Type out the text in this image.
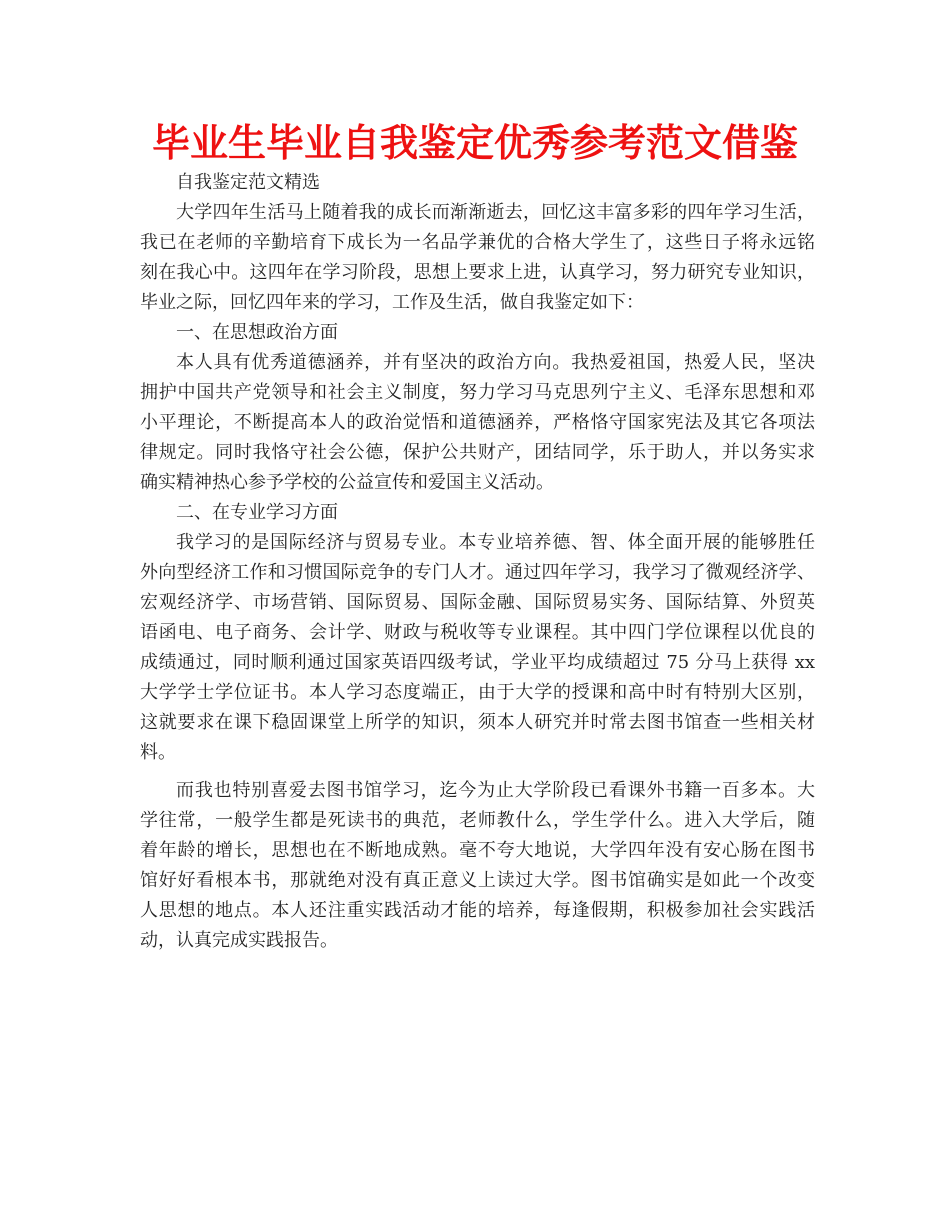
毕业生毕业自我鉴定优秀参考范文借鉴
自我鉴定范文精选
大学四年生活马上随着我的成长而渐渐逝去，回忆这丰富多彩的四年学习生活，
我已在老师的辛勤培育下成长为一名品学兼优的合格大学生了，这些日子将永远铭
刻在我心中。这四年在学习阶段，思想上要求上进，认真学习，努力研究专业知识，
毕业之际，回忆四年来的学习，工作及生活，做自我鉴定如下：
一、在思想政治方面
本人具有优秀道德涵养，并有坚决的政治方向。我热爱祖国，热爱人民，坚决
拥护中国共产党领导和社会主义制度，努力学习马克思列宁主义、毛泽东思想和邓
小平理论，不断提高本人的政治觉悟和道德涵养，严格恪守国家宪法及其它各项法
律规定。同时我恪守社会公德，保护公共财产，团结同学，乐于助人，并以务实求
确实精神热心参予学校的公益宣传和爱国主义活动。
二、在专业学习方面
我学习的是国际经济与贸易专业。本专业培养德、智、体全面开展的能够胜任
外向型经济工作和习惯国际竞争的专门人才。通过四年学习，我学习了微观经济学、
宏观经济学、市场营销、国际贸易、国际金融、国际贸易实务、国际结算、外贸英
语函电、电子商务、会计学、财政与税收等专业课程。其中四门学位课程以优良的
成绩通过，同时顺利通过国家英语四级考试，学业平均成绩超过 75 分马上获得 xx
大学学士学位证书。本人学习态度端正，由于大学的授课和高中时有特别大区别，
这就要求在课下稳固课堂上所学的知识，须本人研究并时常去图书馆查一些相关材
料。
而我也特别喜爱去图书馆学习，迄今为止大学阶段已看课外书籍一百多本。大
学往常，一般学生都是死读书的典范，老师教什么，学生学什么。进入大学后，随
着年龄的增长，思想也在不断地成熟。毫不夸大地说，大学四年没有安心肠在图书
馆好好看根本书，那就绝对没有真正意义上读过大学。图书馆确实是如此一个改变
人思想的地点。本人还注重实践活动才能的培养，每逢假期，积极参加社会实践活
动，认真完成实践报告。
